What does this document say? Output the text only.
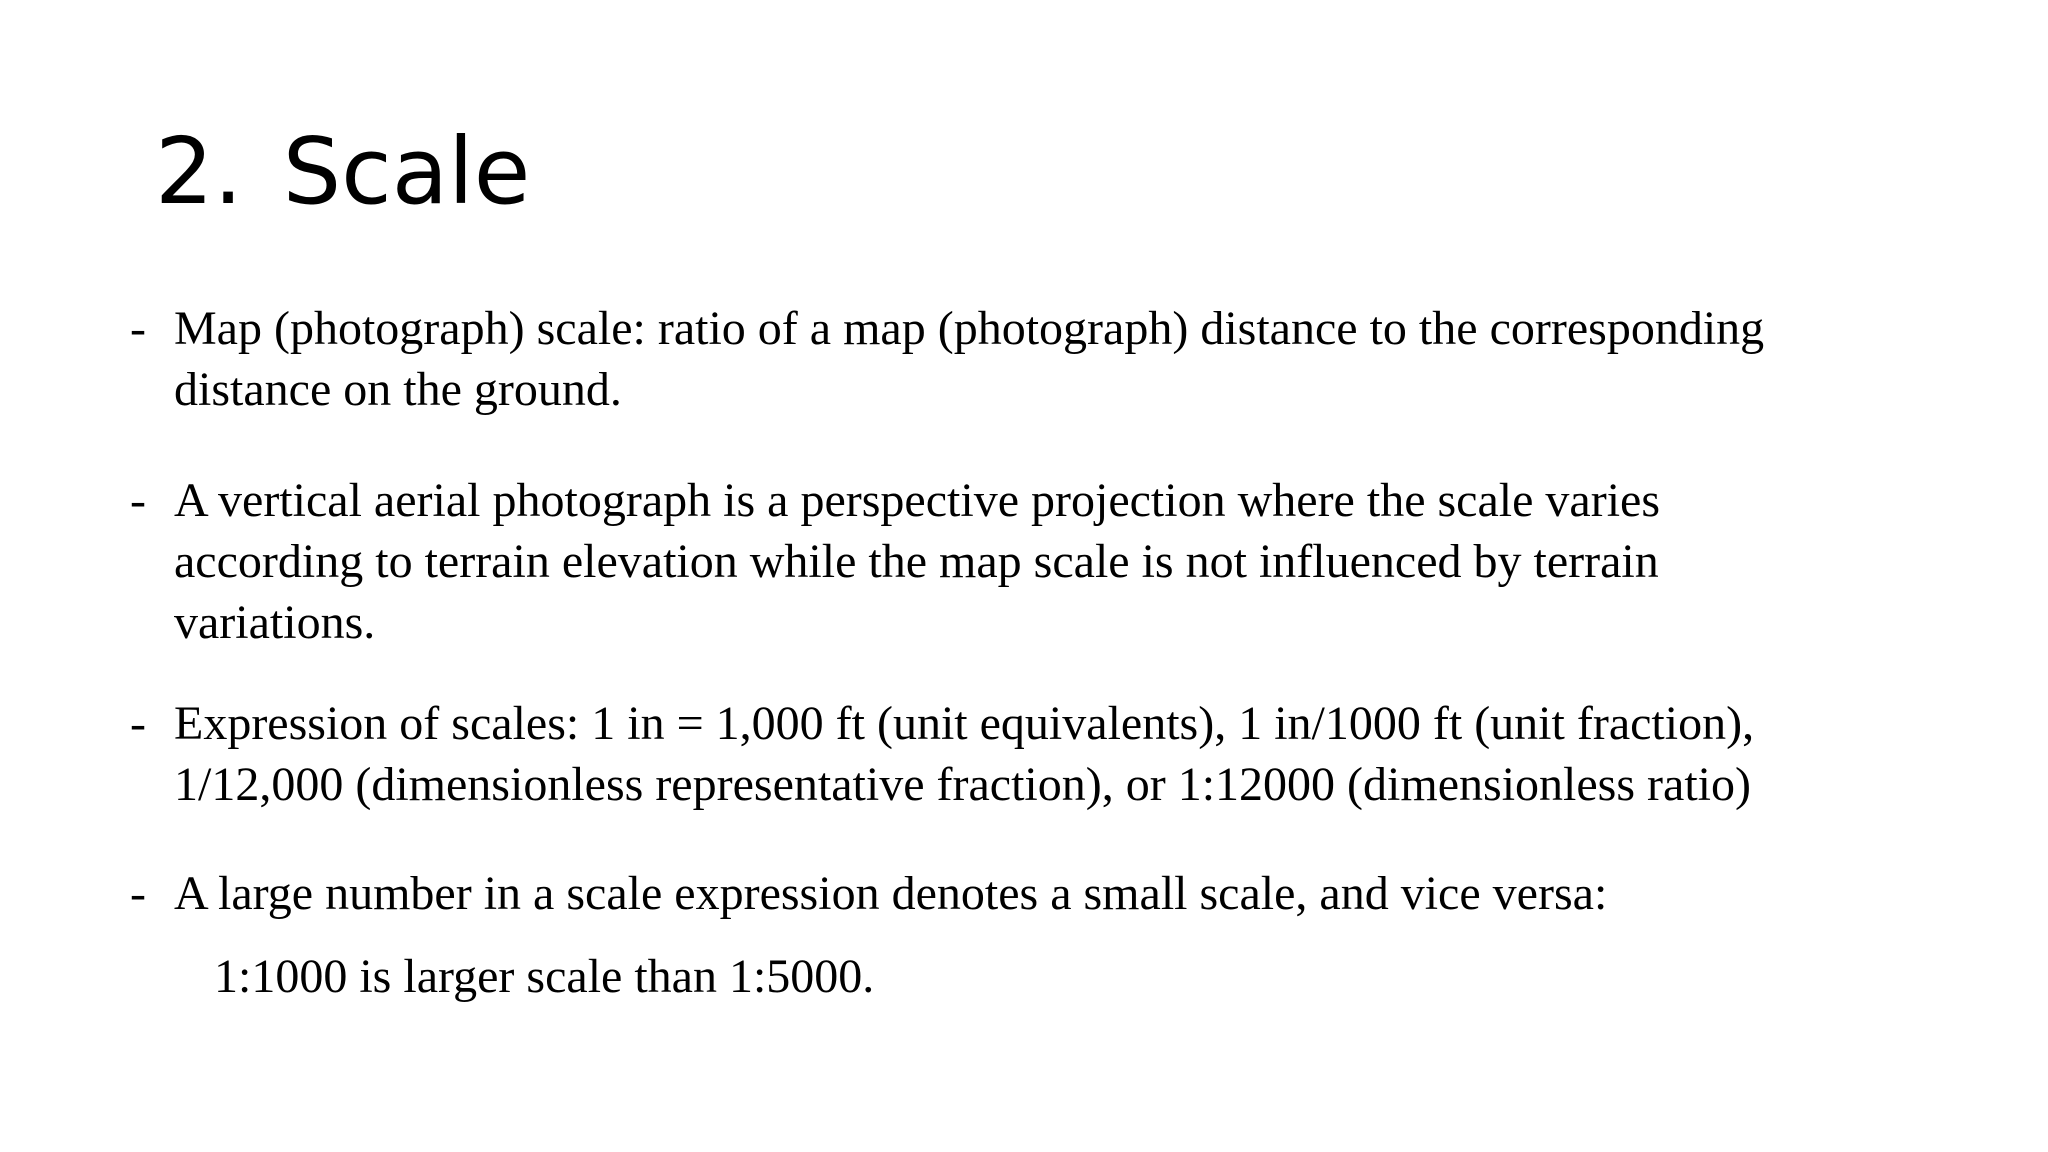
2. Scale
- Map (photograph) scale: ratio of a map (photograph) distance to the corresponding
distance on the ground.
- A vertical aerial photograph is a perspective projection where the scale varies
according to terrain elevation while the map scale is not influenced by terrain
variations.
- Expression of scales: 1 in = 1,000 ft (unit equivalents), 1 in/1000 ft (unit fraction),
1/12,000 (dimensionless representative fraction), or 1:12000 (dimensionless ratio)
- A large number in a scale expression denotes a small scale, and vice versa:
1:1000 is larger scale than 1:5000.
